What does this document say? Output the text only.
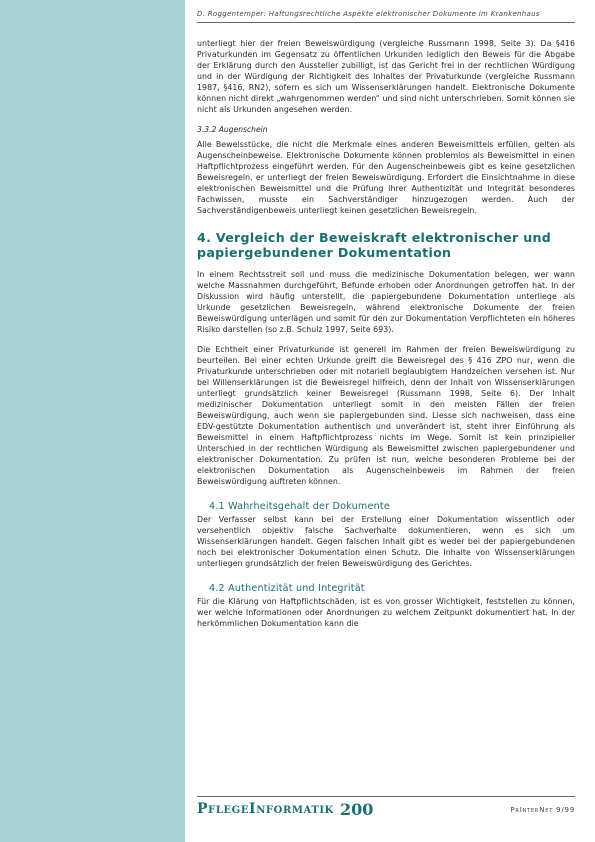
D. Roggentemper: Haftungsrechtliche Aspekte elektronischer Dokumente im Krankenhaus

unterliegt hier der freien Beweiswürdigung (vergleiche Russmann 1998, Seite 3). Da §416 Privaturkunden im Gegensatz zu öffentlichen Urkunden lediglich den Beweis für die Abgabe der Erklärung durch den Aussteller zubilligt, ist das Gericht frei in der rechtlichen Würdigung und in der Würdigung der Richtigkeit des Inhaltes der Privaturkunde (vergleiche Russmann 1987, §416, RN2), sofern es sich um Wissenserklärungen handelt. Elektronische Dokumente können nicht direkt „wahrgenommen werden“ und sind nicht unterschrieben. Somit können sie nicht als Urkunden angesehen werden.

3.3.2 Augenschein

Alle Beweisstücke, die nicht die Merkmale eines anderen Beweismittels erfüllen, gelten als Augenscheinbeweise. Elektronische Dokumente können problemlos als Beweismittel in einen Haftpflichtprozess eingeführt werden. Für den Augenscheinbeweis gibt es keine gesetzlichen Beweisregeln, er unterliegt der freien Beweiswürdigung. Erfordert die Einsichtnahme in diese elektronischen Beweismittel und die Prüfung ihrer Authentizität und Integrität besonderes Fachwissen, musste ein Sachverständiger hinzugezogen werden. Auch der Sachverständigenbeweis unterliegt keinen gesetzlichen Beweisregeln.

4. Vergleich der Beweiskraft elektronischer und papiergebundener Dokumentation

In einem Rechtsstreit soll und muss die medizinische Dokumentation belegen, wer wann welche Massnahmen durchgeführt, Befunde erhoben oder Anordnungen getroffen hat. In der Diskussion wird häufig unterstellt, die papiergebundene Dokumentation unterliege als Urkunde gesetzlichen Beweisregeln, während elektronische Dokumente der freien Beweiswürdigung unterlägen und somit für den zur Dokumentation Verpflichteten ein höheres Risiko darstellen (so z.B. Schulz 1997, Seite 693).

Die Echtheit einer Privaturkunde ist generell im Rahmen der freien Beweiswürdigung zu beurteilen. Bei einer echten Urkunde greift die Beweisregel des § 416 ZPO nur, wenn die Privaturkunde unterschrieben oder mit notariell beglaubigtem Handzeichen versehen ist. Nur bei Willenserklärungen ist die Beweisregel hilfreich, denn der Inhalt von Wissenserklärungen unterliegt grundsätzlich keiner Beweisregel (Russmann 1998, Seite 6). Der Inhalt medizinischer Dokumentation unterliegt somit in den meisten Fällen der freien Beweiswürdigung, auch wenn sie papiergebunden sind. Liesse sich nachweisen, dass eine EDV-gestützte Dokumentation authentisch und unverändert ist, steht ihrer Einführung als Beweismittel in einem Haftpflichtprozess nichts im Wege. Somit ist kein prinzipieller Unterschied in der rechtlichen Würdigung als Beweismittel zwischen papiergebundener und elektronischer Dokumentation. Zu prüfen ist nun, welche besonderen Probleme bei der elektronischen Dokumentation als Augenscheinbeweis im Rahmen der freien Beweiswürdigung auftreten können.

4.1 Wahrheitsgehalt der Dokumente

Der Verfasser selbst kann bei der Erstellung einer Dokumentation wissentlich oder versehentlich objektiv falsche Sachverhalte dokumentieren, wenn es sich um Wissenserklärungen handelt. Gegen falschen Inhalt gibt es weder bei der papiergebundenen noch bei elektronischer Dokumentation einen Schutz. Die Inhalte von Wissenserklärungen unterliegen grundsätzlich der freien Beweiswürdigung des Gerichtes.

4.2 Authentizität und Integrität

Für die Klärung von Haftpflichtschäden, ist es von grosser Wichtigkeit, feststellen zu können, wer welche Informationen oder Anordnungen zu welchem Zeitpunkt dokumentiert hat. In der herkömmlichen Dokumentation kann die

PflegeInformatik 200	PrInterNet 9/99
